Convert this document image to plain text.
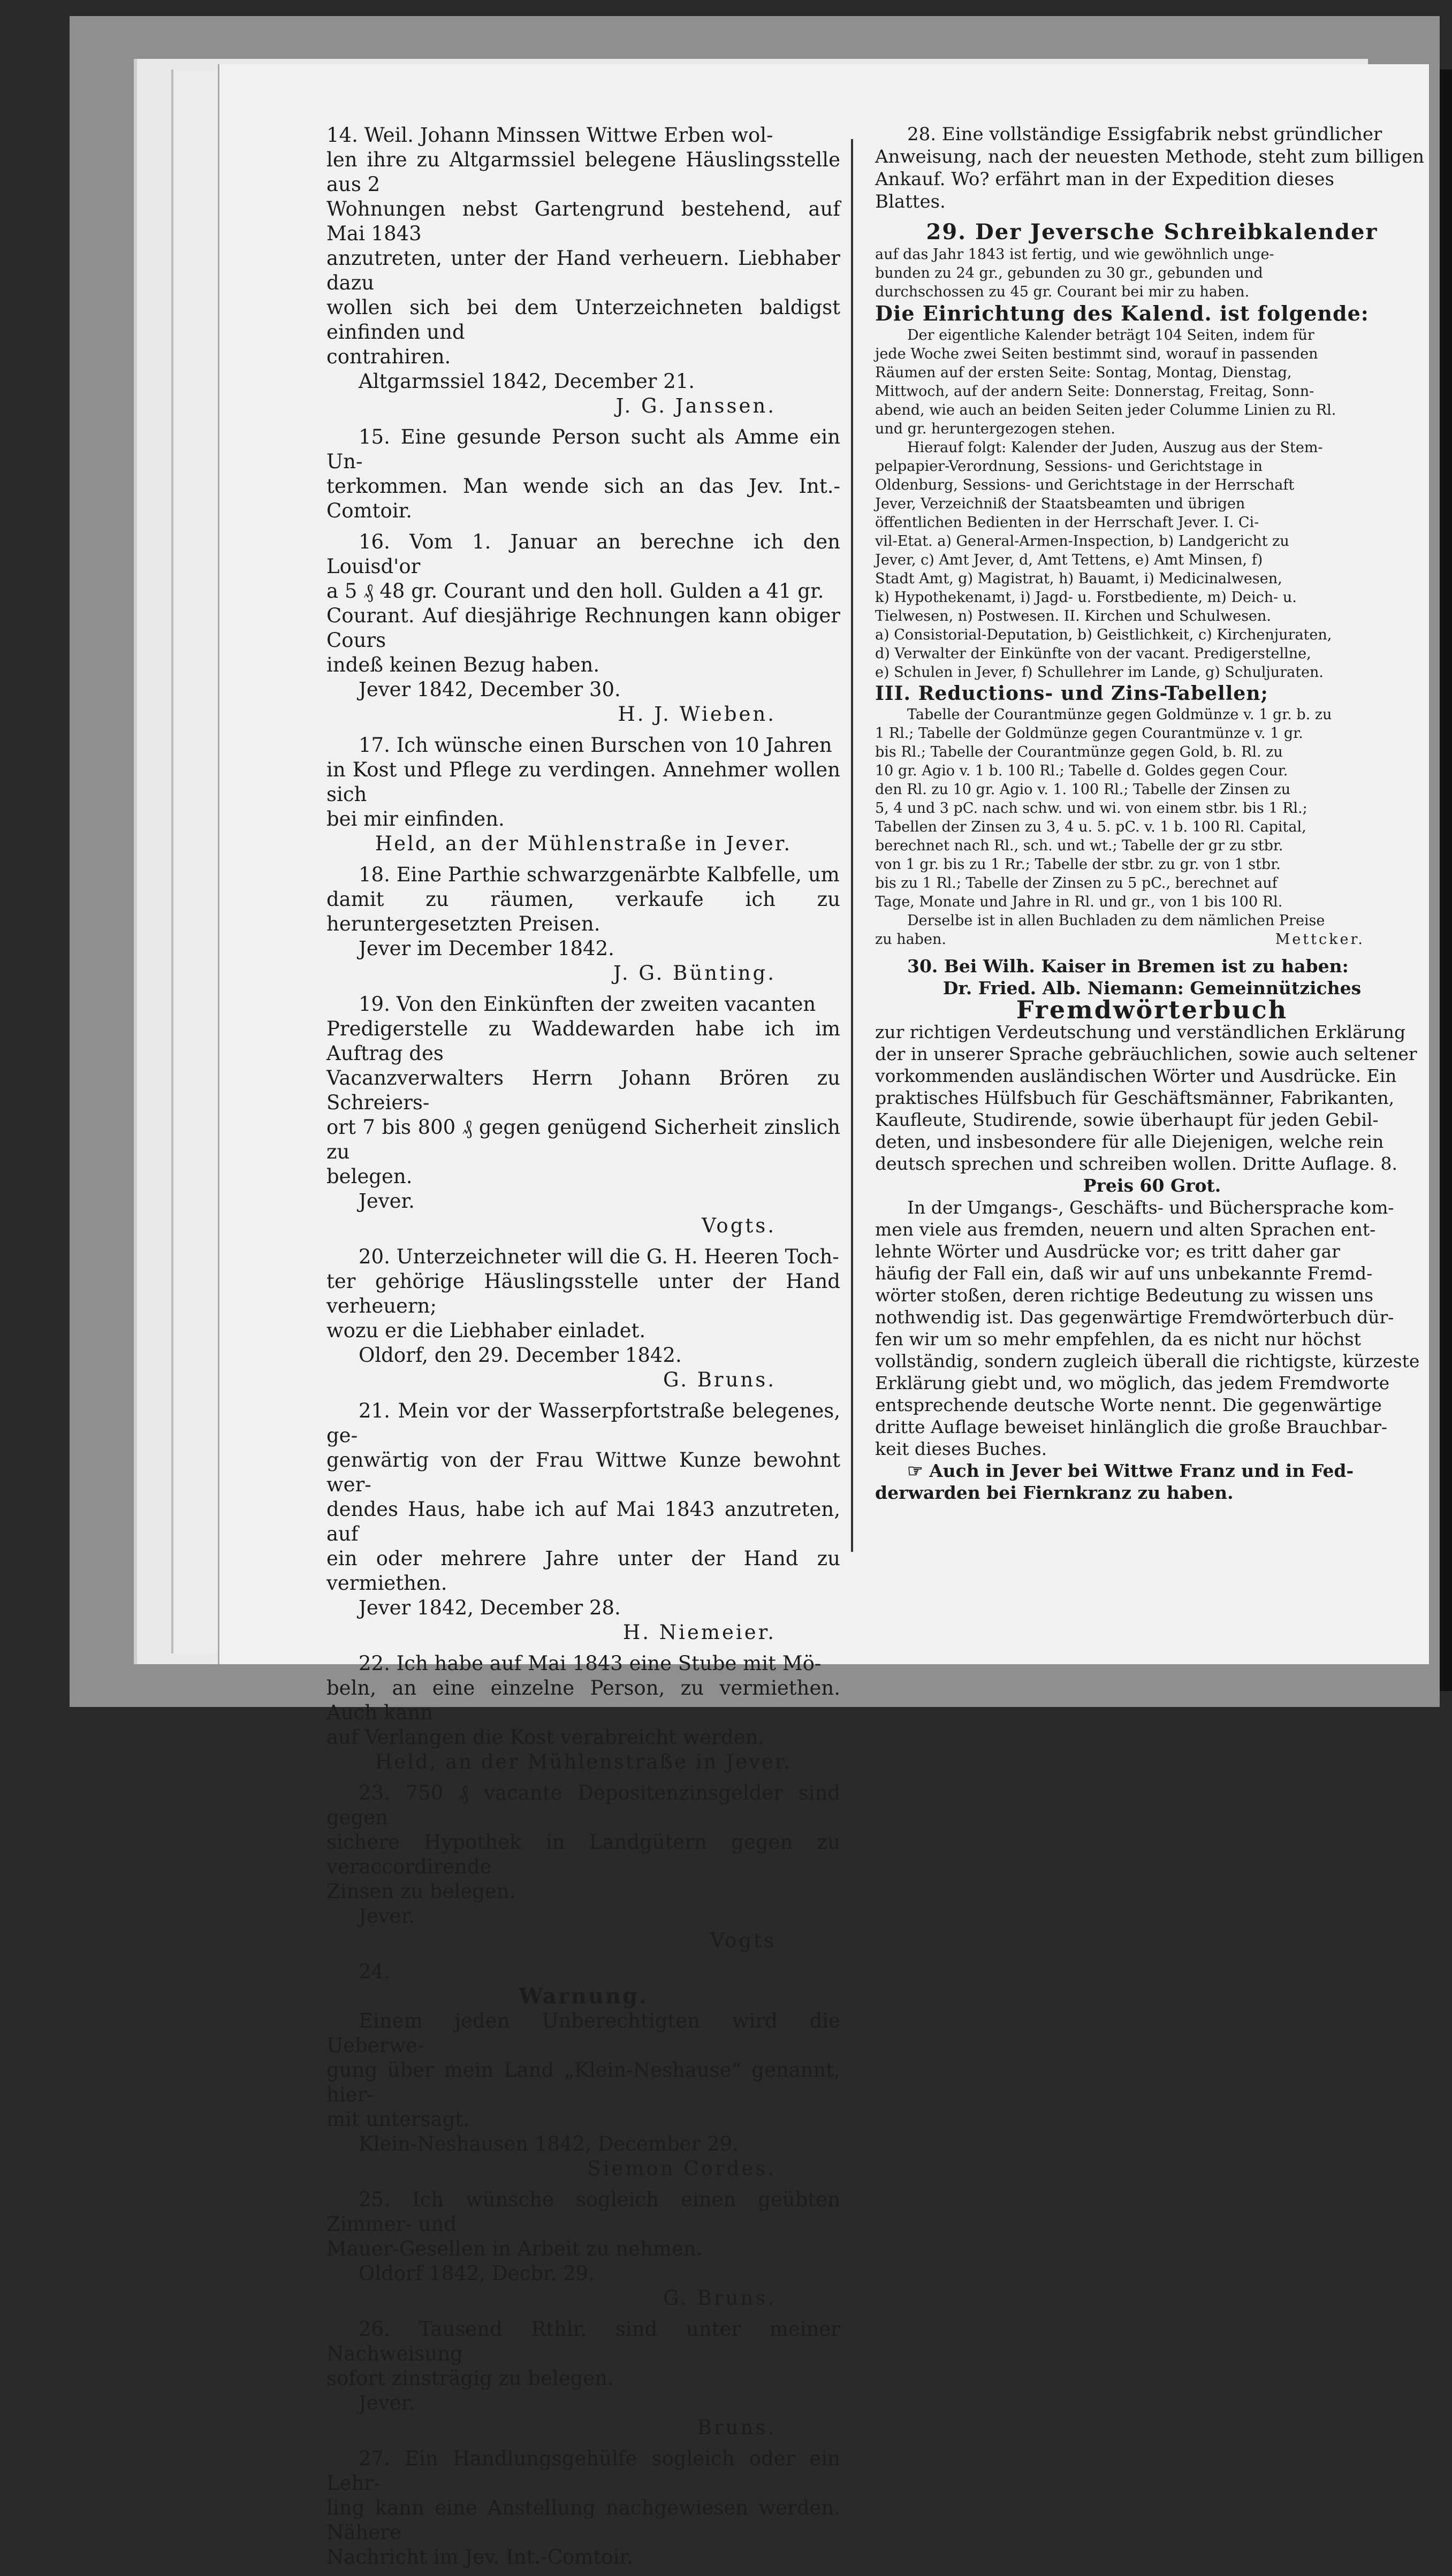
14. Weil. Johann Minssen Wittwe Erben wol-

len ihre zu Altgarmssiel belegene Häuslingsstelle aus 2

Wohnungen nebst Gartengrund bestehend, auf Mai 1843

anzutreten, unter der Hand verheuern. Liebhaber dazu

wollen sich bei dem Unterzeichneten baldigst einfinden und

contrahiren.

Altgarmssiel 1842, December 21.

J. G. Janssen.

15. Eine gesunde Person sucht als Amme ein Un-

terkommen. Man wende sich an das Jev. Int.-Comtoir.

16. Vom 1. Januar an berechne ich den Louisd'or

a 5 ₰ 48 gr. Courant und den holl. Gulden a 41 gr.

Courant. Auf diesjährige Rechnungen kann obiger Cours

indeß keinen Bezug haben.

Jever 1842, December 30.

H. J. Wieben.

17. Ich wünsche einen Burschen von 10 Jahren

in Kost und Pflege zu verdingen. Annehmer wollen sich

bei mir einfinden.

Held, an der Mühlenstraße in Jever.

18. Eine Parthie schwarzgenärbte Kalbfelle, um

damit zu räumen, verkaufe ich zu heruntergesetzten Preisen.

Jever im December 1842.

J. G. Bünting.

19. Von den Einkünften der zweiten vacanten

Predigerstelle zu Waddewarden habe ich im Auftrag des

Vacanzverwalters Herrn Johann Brören zu Schreiers-

ort 7 bis 800 ₰ gegen genügend Sicherheit zinslich zu

belegen.

Jever.

Vogts.

20. Unterzeichneter will die G. H. Heeren Toch-

ter gehörige Häuslingsstelle unter der Hand verheuern;

wozu er die Liebhaber einladet.

Oldorf, den 29. December 1842.

G. Bruns.

21. Mein vor der Wasserpfortstraße belegenes, ge-

genwärtig von der Frau Wittwe Kunze bewohnt wer-

dendes Haus, habe ich auf Mai 1843 anzutreten, auf

ein oder mehrere Jahre unter der Hand zu vermiethen.

Jever 1842, December 28.

H. Niemeier.

22. Ich habe auf Mai 1843 eine Stube mit Mö-

beln, an eine einzelne Person, zu vermiethen. Auch kann

auf Verlangen die Kost verabreicht werden.

Held, an der Mühlenstraße in Jever.

23. 750 ₰ vacante Depositenzinsgelder sind gegen

sichere Hypothek in Landgütern gegen zu veraccordirende

Zinsen zu belegen.

Jever.

Vogts

24.

Warnung.

Einem jeden Unberechtigten wird die Ueberwe-

gung über mein Land „Klein-Neshause“ genannt, hier-

mit untersagt.

Klein-Neshausen 1842, December 29.

Siemon Cordes.

25. Ich wünsche sogleich einen geübten Zimmer- und

Mauer-Gesellen in Arbeit zu nehmen.

Oldorf 1842, Decbr. 29.

G. Bruns.

26. Tausend Rthlr. sind unter meiner Nachweisung

sofort zinsträgig zu belegen.

Jever.

Bruns.

27. Ein Handlungsgehülfe sogleich oder ein Lehr-

ling kann eine Anstellung nachgewiesen werden. Nähere

Nachricht im Jev. Int.-Comtoir.

28. Eine vollständige Essigfabrik nebst gründlicher

Anweisung, nach der neuesten Methode, steht zum billigen

Ankauf. Wo? erfährt man in der Expedition dieses

Blattes.

29. Der Jeversche Schreibkalender

auf das Jahr 1843 ist fertig, und wie gewöhnlich unge-

bunden zu 24 gr., gebunden zu 30 gr., gebunden und

durchschossen zu 45 gr. Courant bei mir zu haben.

Die Einrichtung des Kalend. ist folgende:

Der eigentliche Kalender beträgt 104 Seiten, indem für

jede Woche zwei Seiten bestimmt sind, worauf in passenden

Räumen auf der ersten Seite: Sontag, Montag, Dienstag,

Mittwoch, auf der andern Seite: Donnerstag, Freitag, Sonn-

abend, wie auch an beiden Seiten jeder Columme Linien zu Rl.

und gr. heruntergezogen stehen.

Hierauf folgt: Kalender der Juden, Auszug aus der Stem-

pelpapier-Verordnung, Sessions- und Gerichtstage in

Oldenburg, Sessions- und Gerichtstage in der Herrschaft

Jever, Verzeichniß der Staatsbeamten und übrigen

öffentlichen Bedienten in der Herrschaft Jever. I. Ci-

vil-Etat. a) General-Armen-Inspection, b) Landgericht zu

Jever, c) Amt Jever, d, Amt Tettens, e) Amt Minsen, f)

Stadt Amt, g) Magistrat, h) Bauamt, i) Medicinalwesen,

k) Hypothekenamt, i) Jagd- u. Forstbediente, m) Deich- u.

Tielwesen, n) Postwesen. II. Kirchen und Schulwesen.

a) Consistorial-Deputation, b) Geistlichkeit, c) Kirchenjuraten,

d) Verwalter der Einkünfte von der vacant. Predigerstellne,

e) Schulen in Jever, f) Schullehrer im Lande, g) Schuljuraten.

III. Reductions- und Zins-Tabellen;

Tabelle der Courantmünze gegen Goldmünze v. 1 gr. b. zu

1 Rl.; Tabelle der Goldmünze gegen Courantmünze v. 1 gr.

bis Rl.; Tabelle der Courantmünze gegen Gold, b. Rl. zu

10 gr. Agio v. 1 b. 100 Rl.; Tabelle d. Goldes gegen Cour.

den Rl. zu 10 gr. Agio v. 1. 100 Rl.; Tabelle der Zinsen zu

5, 4 und 3 pC. nach schw. und wi. von einem stbr. bis 1 Rl.;

Tabellen der Zinsen zu 3, 4 u. 5. pC. v. 1 b. 100 Rl. Capital,

berechnet nach Rl., sch. und wt.; Tabelle der gr zu stbr.

von 1 gr. bis zu 1 Rr.; Tabelle der stbr. zu gr. von 1 stbr.

bis zu 1 Rl.; Tabelle der Zinsen zu 5 pC., berechnet auf

Tage, Monate und Jahre in Rl. und gr., von 1 bis 100 Rl.

Derselbe ist in allen Buchladen zu dem nämlichen Preise

zu haben.	Mettcker.

30. Bei Wilh. Kaiser in Bremen ist zu haben:

Dr. Fried. Alb. Niemann: Gemeinnütziches

Fremdwörterbuch

zur richtigen Verdeutschung und verständlichen Erklärung

der in unserer Sprache gebräuchlichen, sowie auch seltener

vorkommenden ausländischen Wörter und Ausdrücke. Ein

praktisches Hülfsbuch für Geschäftsmänner, Fabrikanten,

Kaufleute, Studirende, sowie überhaupt für jeden Gebil-

deten, und insbesondere für alle Diejenigen, welche rein

deutsch sprechen und schreiben wollen. Dritte Auflage. 8.

Preis 60 Grot.

In der Umgangs-, Geschäfts- und Büchersprache kom-

men viele aus fremden, neuern und alten Sprachen ent-

lehnte Wörter und Ausdrücke vor; es tritt daher gar

häufig der Fall ein, daß wir auf uns unbekannte Fremd-

wörter stoßen, deren richtige Bedeutung zu wissen uns

nothwendig ist. Das gegenwärtige Fremdwörterbuch dür-

fen wir um so mehr empfehlen, da es nicht nur höchst

vollständig, sondern zugleich überall die richtigste, kürzeste

Erklärung giebt und, wo möglich, das jedem Fremdworte

entsprechende deutsche Worte nennt. Die gegenwärtige

dritte Auflage beweiset hinlänglich die große Brauchbar-

keit dieses Buches.

☞ Auch in Jever bei Wittwe Franz und in Fed-

derwarden bei Fiernkranz zu haben.
